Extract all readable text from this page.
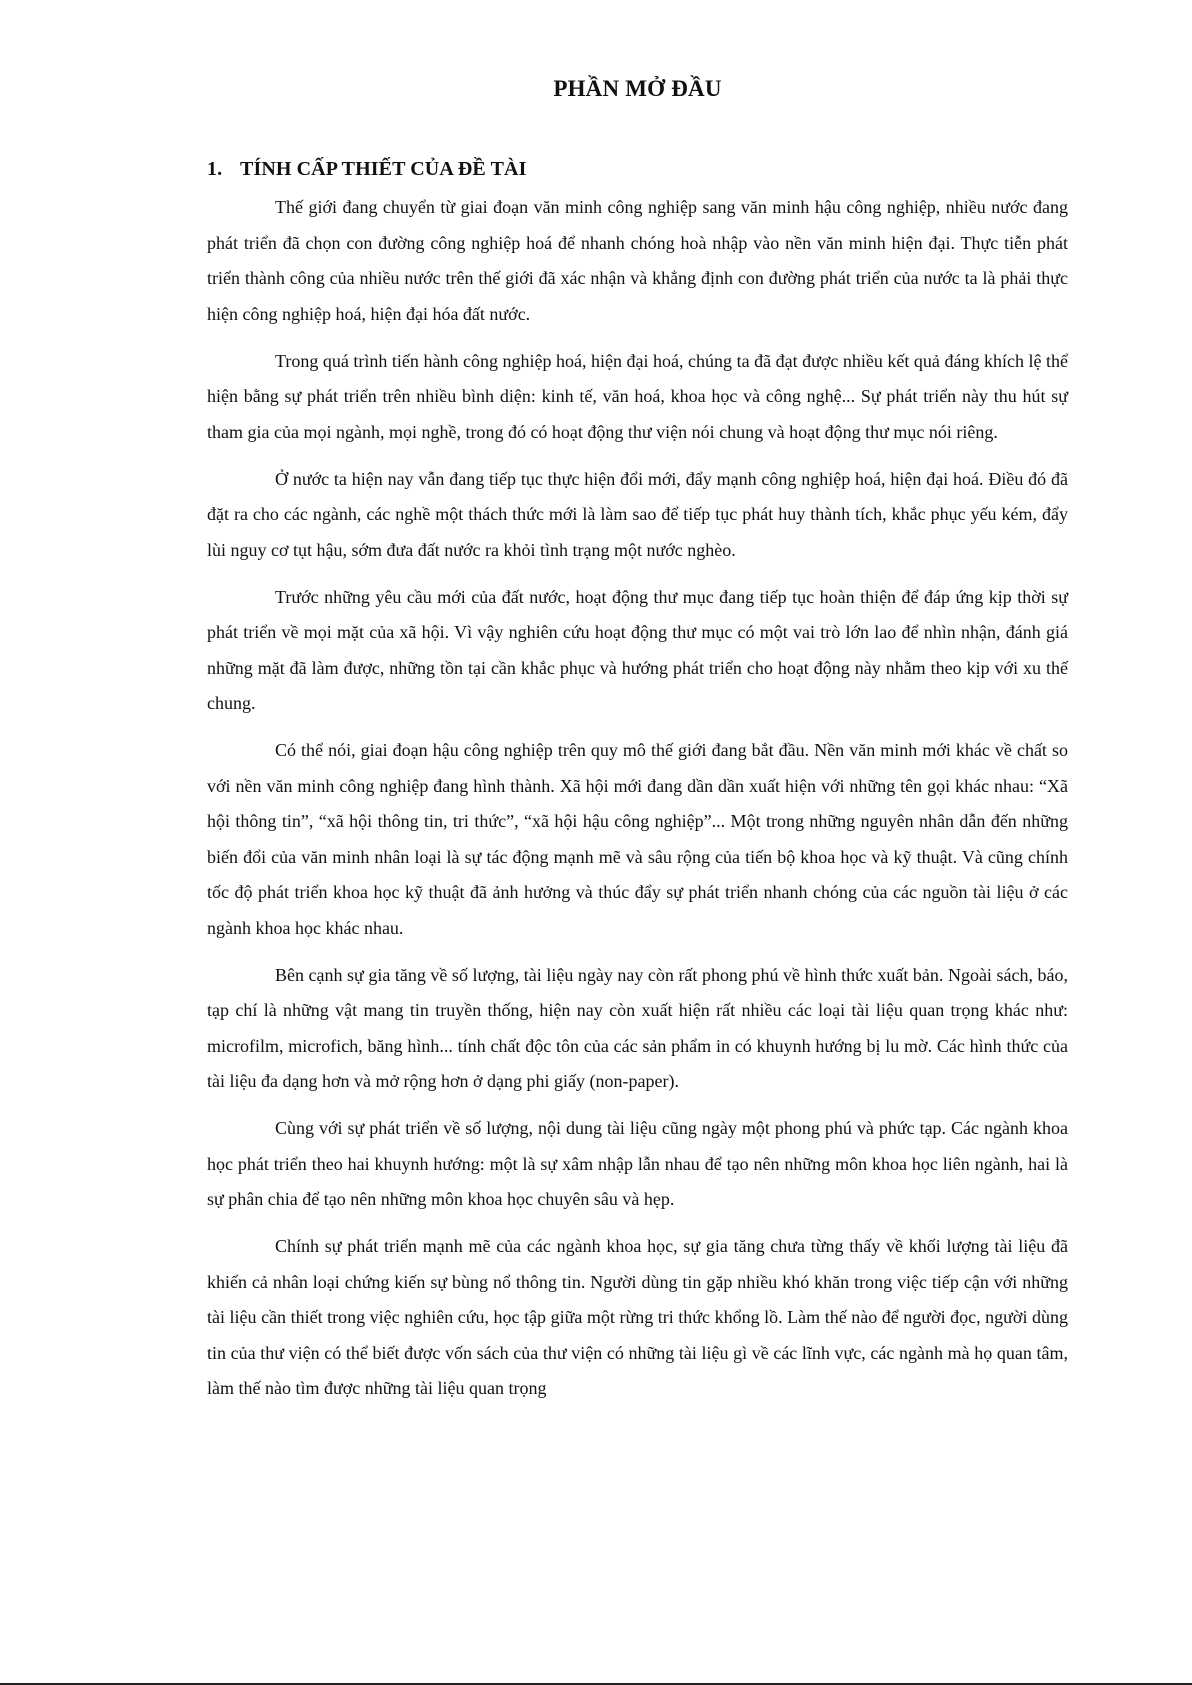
PHẦN MỞ ĐẦU
1. TÍNH CẤP THIẾT CỦA ĐỀ TÀI

Thế giới đang chuyển từ giai đoạn văn minh công nghiệp sang văn minh hậu công nghiệp, nhiều nước đang phát triển đã chọn con đường công nghiệp hoá để nhanh chóng hoà nhập vào nền văn minh hiện đại. Thực tiễn phát triển thành công của nhiều nước trên thế giới đã xác nhận và khẳng định con đường phát triển của nước ta là phải thực hiện công nghiệp hoá, hiện đại hóa đất nước.

Trong quá trình tiến hành công nghiệp hoá, hiện đại hoá, chúng ta đã đạt được nhiều kết quả đáng khích lệ thể hiện bằng sự phát triển trên nhiều bình diện: kinh tế, văn hoá, khoa học và công nghệ... Sự phát triển này thu hút sự tham gia của mọi ngành, mọi nghề, trong đó có hoạt động thư viện nói chung và hoạt động thư mục nói riêng.

Ở nước ta hiện nay vẫn đang tiếp tục thực hiện đổi mới, đẩy mạnh công nghiệp hoá, hiện đại hoá. Điều đó đã đặt ra cho các ngành, các nghề một thách thức mới là làm sao để tiếp tục phát huy thành tích, khắc phục yếu kém, đẩy lùi nguy cơ tụt hậu, sớm đưa đất nước ra khỏi tình trạng một nước nghèo.

Trước những yêu cầu mới của đất nước, hoạt động thư mục đang tiếp tục hoàn thiện để đáp ứng kịp thời sự phát triển về mọi mặt của xã hội. Vì vậy nghiên cứu hoạt động thư mục có một vai trò lớn lao để nhìn nhận, đánh giá những mặt đã làm được, những tồn tại cần khắc phục và hướng phát triển cho hoạt động này nhằm theo kịp với xu thế chung.

Có thể nói, giai đoạn hậu công nghiệp trên quy mô thế giới đang bắt đầu. Nền văn minh mới khác về chất so với nền văn minh công nghiệp đang hình thành. Xã hội mới đang dần dần xuất hiện với những tên gọi khác nhau: “Xã hội thông tin”, “xã hội thông tin, tri thức”, “xã hội hậu công nghiệp”... Một trong những nguyên nhân dẫn đến những biến đổi của văn minh nhân loại là sự tác động mạnh mẽ và sâu rộng của tiến bộ khoa học và kỹ thuật. Và cũng chính tốc độ phát triển khoa học kỹ thuật đã ảnh hưởng và thúc đẩy sự phát triển nhanh chóng của các nguồn tài liệu ở các ngành khoa học khác nhau.

Bên cạnh sự gia tăng về số lượng, tài liệu ngày nay còn rất phong phú về hình thức xuất bản. Ngoài sách, báo, tạp chí là những vật mang tin truyền thống, hiện nay còn xuất hiện rất nhiều các loại tài liệu quan trọng khác như: microfilm, microfich, băng hình... tính chất độc tôn của các sản phẩm in có khuynh hướng bị lu mờ. Các hình thức của tài liệu đa dạng hơn và mở rộng hơn ở dạng phi giấy (non-paper).

Cùng với sự phát triển về số lượng, nội dung tài liệu cũng ngày một phong phú và phức tạp. Các ngành khoa học phát triển theo hai khuynh hướng: một là sự xâm nhập lẫn nhau để tạo nên những môn khoa học liên ngành, hai là sự phân chia để tạo nên những môn khoa học chuyên sâu và hẹp.

Chính sự phát triển mạnh mẽ của các ngành khoa học, sự gia tăng chưa từng thấy về khối lượng tài liệu đã khiến cả nhân loại chứng kiến sự bùng nổ thông tin. Người dùng tin gặp nhiều khó khăn trong việc tiếp cận với những tài liệu cần thiết trong việc nghiên cứu, học tập giữa một rừng tri thức khổng lồ. Làm thế nào để người đọc, người dùng tin của thư viện có thể biết được vốn sách của thư viện có những tài liệu gì về các lĩnh vực, các ngành mà họ quan tâm, làm thế nào tìm được những tài liệu quan trọng
